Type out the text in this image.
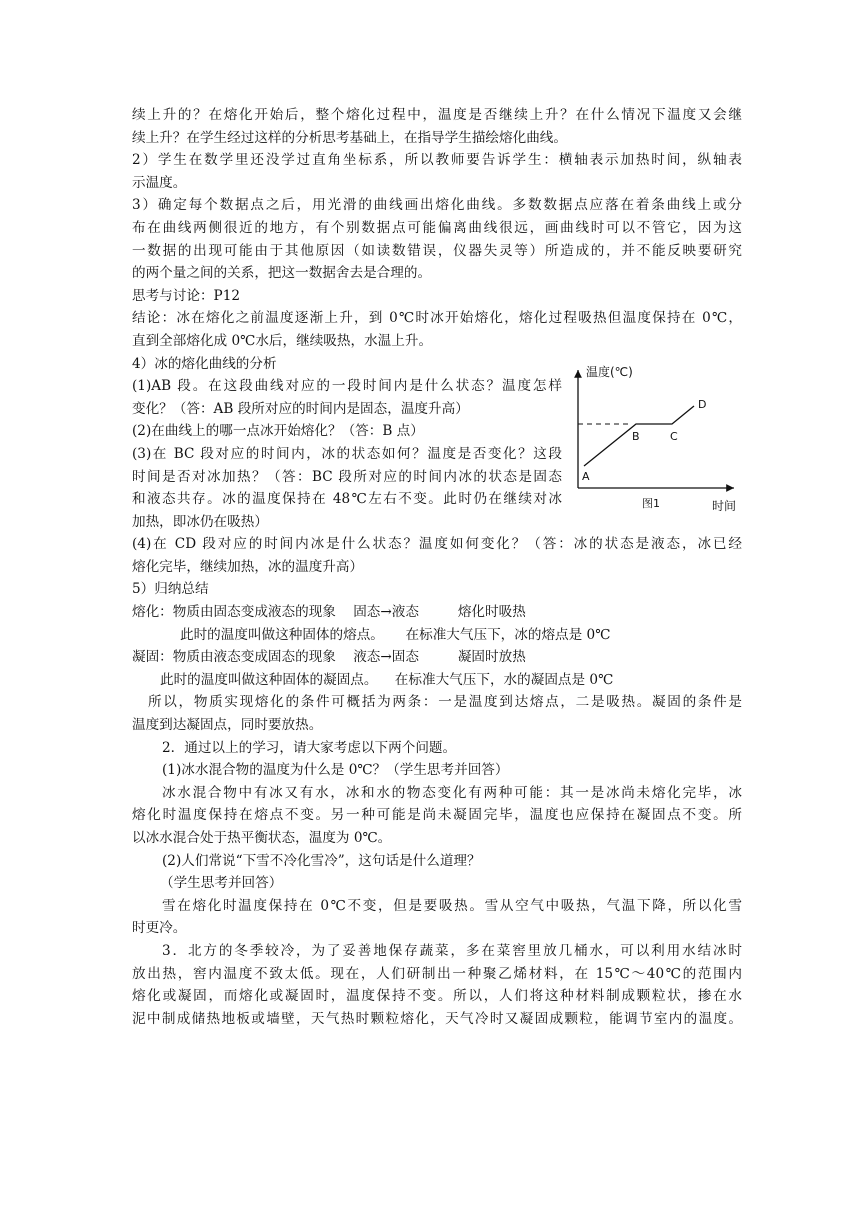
续上升的？在熔化开始后，整个熔化过程中，温度是否继续上升？在什么情况下温度又会继
续上升？在学生经过这样的分析思考基础上，在指导学生描绘熔化曲线。
2）学生在数学里还没学过直角坐标系，所以教师要告诉学生：横轴表示加热时间，纵轴表
示温度。
3）确定每个数据点之后，用光滑的曲线画出熔化曲线。多数数据点应落在着条曲线上或分
布在曲线两侧很近的地方，有个别数据点可能偏离曲线很远，画曲线时可以不管它，因为这
一数据的出现可能由于其他原因（如读数错误，仪器失灵等）所造成的，并不能反映要研究
的两个量之间的关系，把这一数据舍去是合理的。
思考与讨论：P12
结论：冰在熔化之前温度逐渐上升，到 0℃时冰开始熔化，熔化过程吸热但温度保持在 0℃，
直到全部熔化成 0℃水后，继续吸热，水温上升。
4）冰的熔化曲线的分析
(1)AB 段。在这段曲线对应的一段时间内是什么状态？温度怎样
变化？（答：AB 段所对应的时间内是固态，温度升高）
(2)在曲线上的哪一点冰开始熔化？（答：B 点）
(3)在 BC 段对应的时间内，冰的状态如何？温度是否变化？这段
时间是否对冰加热？（答：BC 段所对应的时间内冰的状态是固态
和液态共存。冰的温度保持在 48℃左右不变。此时仍在继续对冰
加热，即冰仍在吸热）
(4)在 CD 段对应的时间内冰是什么状态？温度如何变化？（答：冰的状态是液态，冰已经
熔化完毕，继续加热，冰的温度升高）
5）归纳总结
熔化：物质由固态变成液态的现象    固态→液态         熔化时吸热
此时的温度叫做这种固体的熔点。     在标准大气压下，冰的熔点是 0℃
凝固：物质由液态变成固态的现象    液态→固态         凝固时放热
此时的温度叫做这种固体的凝固点。    在标准大气压下，水的凝固点是 0℃
所以，物质实现熔化的条件可概括为两条：一是温度到达熔点，二是吸热。凝固的条件是
温度到达凝固点，同时要放热。
2．通过以上的学习，请大家考虑以下两个问题。
(1)冰水混合物的温度为什么是 0℃？（学生思考并回答）
冰水混合物中有冰又有水，冰和水的物态变化有两种可能：其一是冰尚未熔化完毕，冰
熔化时温度保持在熔点不变。另一种可能是尚未凝固完毕，温度也应保持在凝固点不变。所
以冰水混合处于热平衡状态，温度为 0℃。
(2)人们常说“下雪不冷化雪冷”，这句话是什么道理？
（学生思考并回答）
雪在熔化时温度保持在 0℃不变，但是要吸热。雪从空气中吸热，气温下降，所以化雪
时更冷。
3．北方的冬季较冷，为了妥善地保存蔬菜，多在菜窖里放几桶水，可以利用水结冰时
放出热，窖内温度不致太低。现在，人们研制出一种聚乙烯材料，在 15℃～40℃的范围内
熔化或凝固，而熔化或凝固时，温度保持不变。所以，人们将这种材料制成颗粒状，掺在水
泥中制成储热地板或墙壁，天气热时颗粒熔化，天气冷时又凝固成颗粒，能调节室内的温度。
温度(℃)
时间
图1
A
B	C
D
